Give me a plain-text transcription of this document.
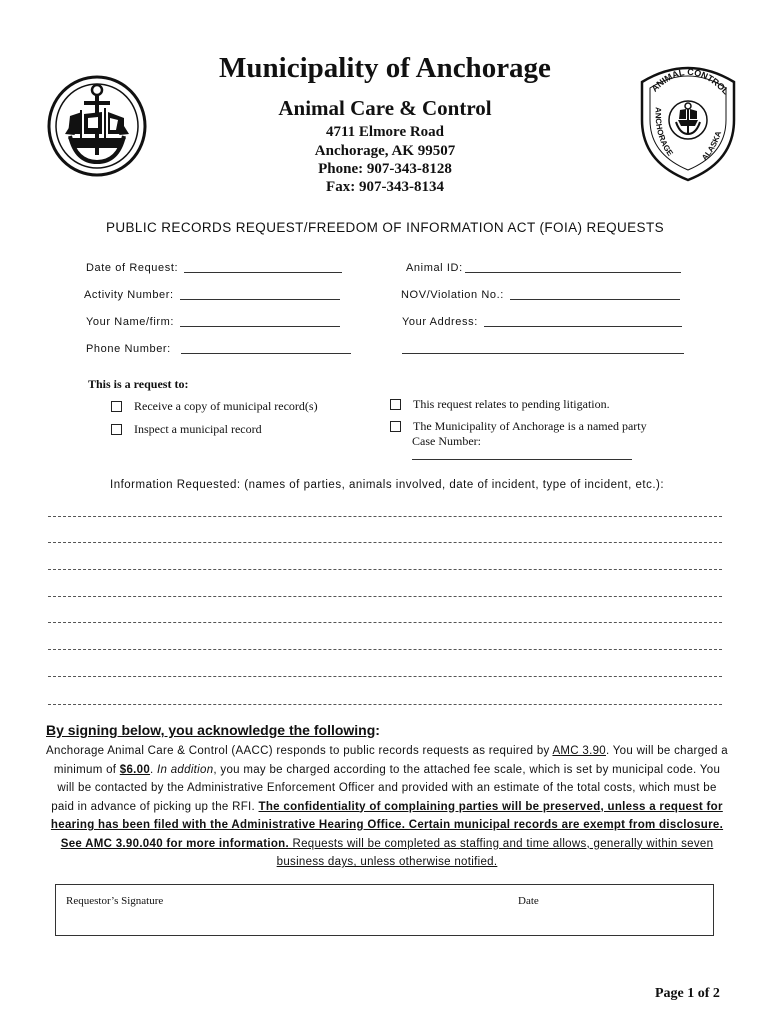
ANIMAL CONTROL
ANCHORAGE	ALASKA
Municipality of Anchorage
Animal Care & Control
4711 Elmore Road
Anchorage, AK 99507
Phone: 907-343-8128
Fax: 907-343-8134
PUBLIC RECORDS REQUEST/FREEDOM OF INFORMATION ACT (FOIA) REQUESTS
Date of Request:	Animal ID:
Activity Number:	NOV/Violation No.:
Your Name/firm:	Your Address:
Phone Number:
This is a request to:
Receive a copy of municipal record(s)
Inspect a municipal record
This request relates to pending litigation.
The Municipality of Anchorage is a named party
Case Number:
Information Requested: (names of parties, animals involved, date of incident, type of incident, etc.):
By signing below, you acknowledge the following:
Anchorage Animal Care & Control (AACC) responds to public records requests as required by AMC 3.90. You will be charged a minimum of $6.00. In addition, you may be charged according to the attached fee scale, which is set by municipal code. You will be contacted by the Administrative Enforcement Officer and provided with an estimate of the total costs, which must be paid in advance of picking up the RFI. The confidentiality of complaining parties will be preserved, unless a request for hearing has been filed with the Administrative Hearing Office. Certain municipal records are exempt from disclosure. See AMC 3.90.040 for more information. Requests will be completed as staffing and time allows, generally within seven business days, unless otherwise notified.
Requestor’s Signature	Date
Page 1 of 2
